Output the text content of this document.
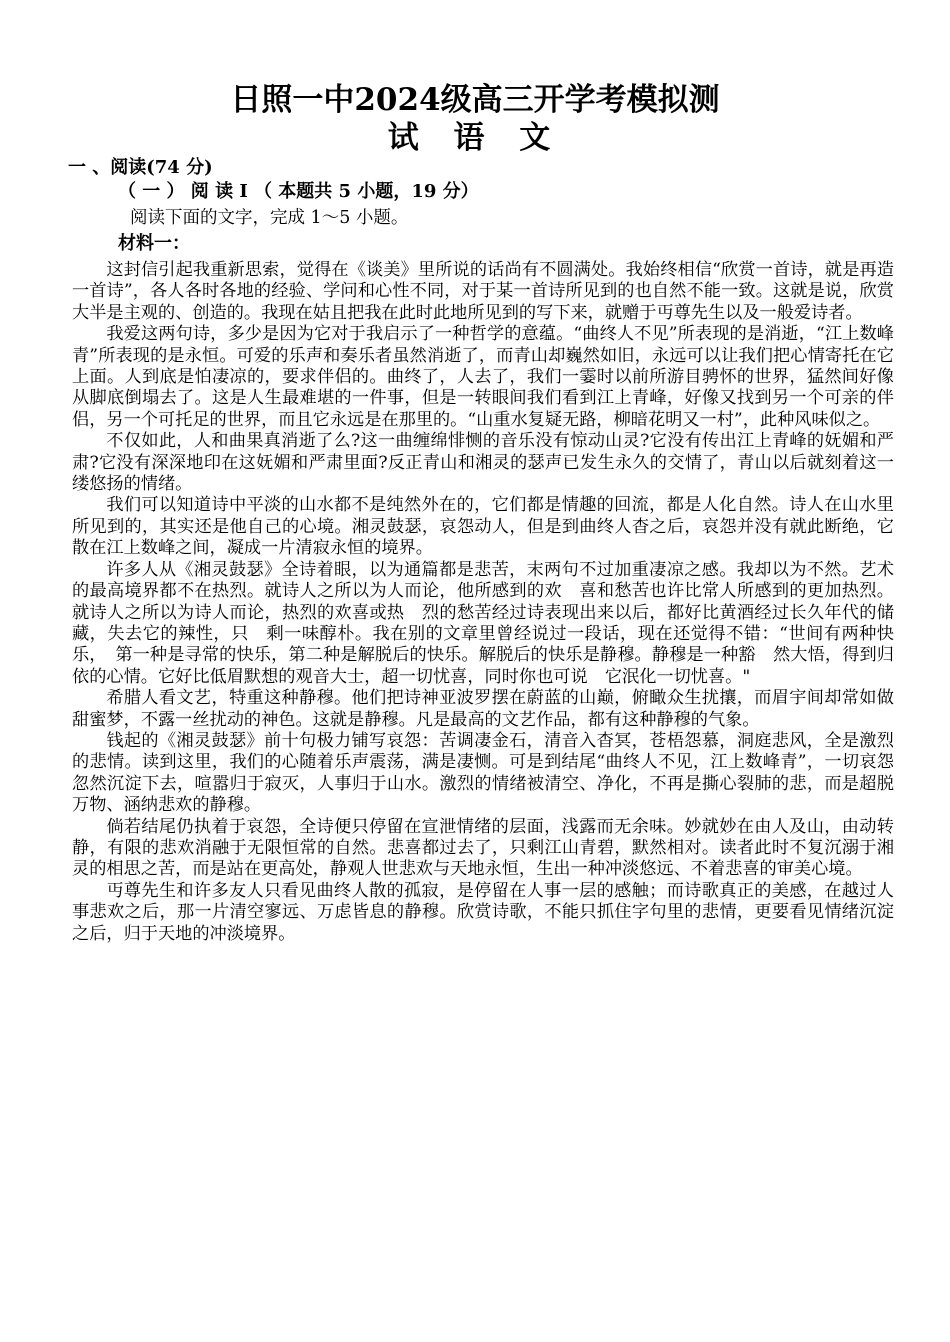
日照一中2024级高三开学考模拟测
试 语 文
一 、阅读(74 分)
（ 一 ） 阅 读 I （ 本题共 5 小题，19 分）
阅读下面的文字，完成 1～5 小题。
材料一：

这封信引起我重新思索，觉得在《谈美》里所说的话尚有不圆满处。我始终相信“欣赏一首诗，就是再造一首诗”，各人各时各地的经验、学问和心性不同，对于某一首诗所见到的也自然不能一致。这就是说，欣赏大半是主观的、创造的。我现在姑且把我在此时此地所见到的写下来，就赠于丏尊先生以及一般爱诗者。

我爱这两句诗，多少是因为它对于我启示了一种哲学的意蕴。“曲终人不见”所表现的是消逝，“江上数峰青”所表现的是永恒。可爱的乐声和奏乐者虽然消逝了，而青山却巍然如旧，永远可以让我们把心情寄托在它上面。人到底是怕凄凉的，要求伴侣的。曲终了，人去了，我们一霎时以前所游目骋怀的世界，猛然间好像从脚底倒塌去了。这是人生最难堪的一件事，但是一转眼间我们看到江上青峰，好像又找到另一个可亲的伴侣，另一个可托足的世界，而且它永远是在那里的。“山重水复疑无路，柳暗花明又一村”，此种风味似之。

不仅如此，人和曲果真消逝了么?这一曲缠绵悱恻的音乐没有惊动山灵?它没有传出江上青峰的妩媚和严肃?它没有深深地印在这妩媚和严肃里面?反正青山和湘灵的瑟声已发生永久的交情了，青山以后就刻着这一缕悠扬的情绪。

我们可以知道诗中平淡的山水都不是纯然外在的，它们都是情趣的回流，都是人化自然。诗人在山水里所见到的，其实还是他自己的心境。湘灵鼓瑟，哀怨动人，但是到曲终人杳之后，哀怨并没有就此断绝，它散在江上数峰之间，凝成一片清寂永恒的境界。

许多人从《湘灵鼓瑟》全诗着眼，以为通篇都是悲苦，末两句不过加重凄凉之感。我却以为不然。艺术的最高境界都不在热烈。就诗人之所以为人而论，他所感到的欢　喜和愁苦也许比常人所感到的更加热烈。就诗人之所以为诗人而论，热烈的欢喜或热　烈的愁苦经过诗表现出来以后，都好比黄酒经过长久年代的储藏，失去它的辣性，只　剩一味醇朴。我在别的文章里曾经说过一段话，现在还觉得不错：“世间有两种快乐，　第一种是寻常的快乐，第二种是解脱后的快乐。解脱后的快乐是静穆。静穆是一种豁　然大悟，得到归依的心情。它好比低眉默想的观音大士，超一切忧喜，同时你也可说　它泯化一切忧喜。"

希腊人看文艺，特重这种静穆。他们把诗神亚波罗摆在蔚蓝的山巅，俯瞰众生扰攘，而眉宇间却常如做甜蜜梦，不露一丝扰动的神色。这就是静穆。凡是最高的文艺作品，都有这种静穆的气象。

钱起的《湘灵鼓瑟》前十句极力铺写哀怨：苦调凄金石，清音入杳冥，苍梧怨慕，洞庭悲风，全是激烈的悲情。读到这里，我们的心随着乐声震荡，满是凄恻。可是到结尾“曲终人不见，江上数峰青”，一切哀怨忽然沉淀下去，喧嚣归于寂灭，人事归于山水。激烈的情绪被清空、净化，不再是撕心裂肺的悲，而是超脱万物、涵纳悲欢的静穆。

倘若结尾仍执着于哀怨，全诗便只停留在宣泄情绪的层面，浅露而无余味。妙就妙在由人及山，由动转静，有限的悲欢消融于无限恒常的自然。悲喜都过去了，只剩江山青碧，默然相对。读者此时不复沉溺于湘灵的相思之苦，而是站在更高处，静观人世悲欢与天地永恒，生出一种冲淡悠远、不着悲喜的审美心境。

丏尊先生和许多友人只看见曲终人散的孤寂，是停留在人事一层的感触；而诗歌真正的美感，在越过人事悲欢之后，那一片清空寥远、万虑皆息的静穆。欣赏诗歌，不能只抓住字句里的悲情，更要看见情绪沉淀之后，归于天地的冲淡境界。
